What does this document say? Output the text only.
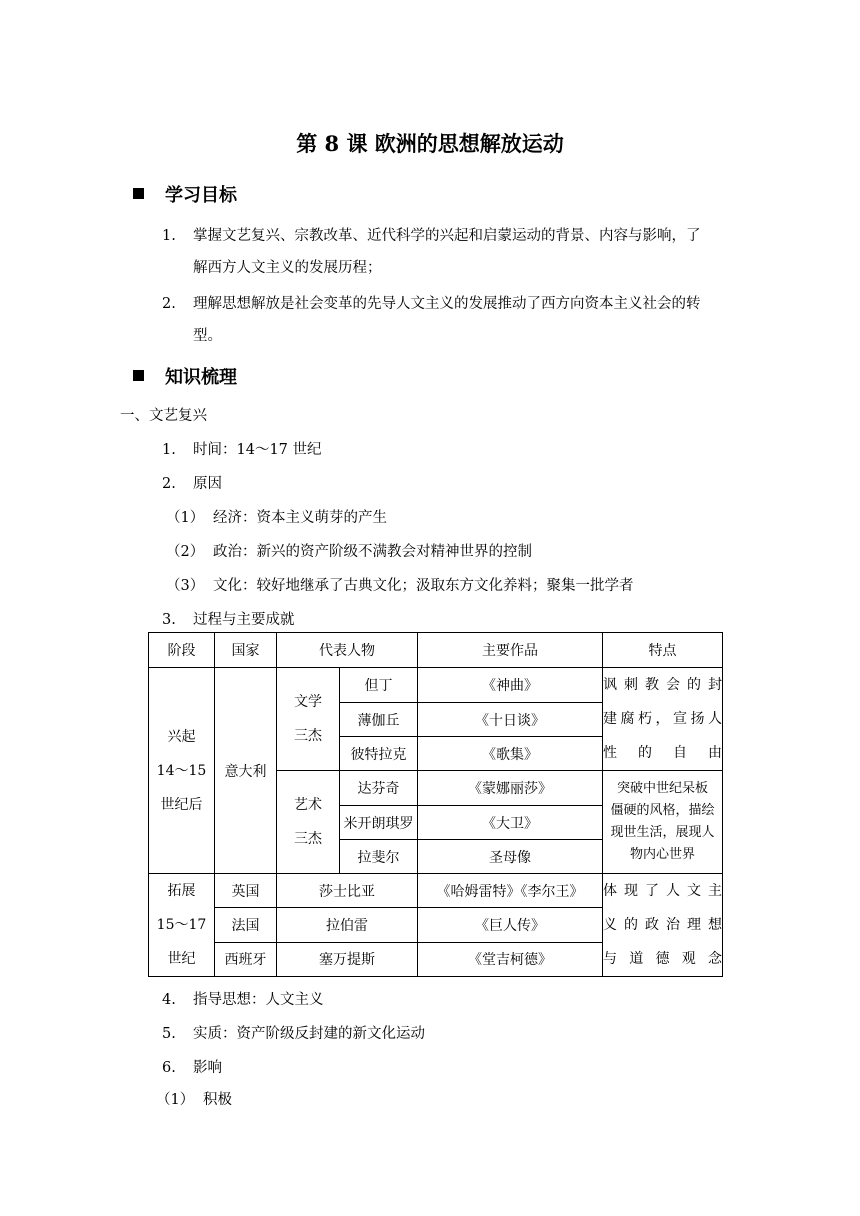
第 8 课 欧洲的思想解放运动
学习目标
1. 掌握文艺复兴、宗教改革、近代科学的兴起和启蒙运动的背景、内容与影响，了
解西方人文主义的发展历程；
2. 理解思想解放是社会变革的先导人文主义的发展推动了西方向资本主义社会的转
型。
知识梳理
一、文艺复兴
1. 时间：14～17 世纪
2. 原因
（1） 经济：资本主义萌芽的产生
（2） 政治：新兴的资产阶级不满教会对精神世界的控制
（3） 文化：较好地继承了古典文化；汲取东方文化养料；聚集一批学者
3. 过程与主要成就
阶段	国家	代表人物		主要作品	特点

兴起
14～15
世纪后	意大利	文学
三杰	但丁	《神曲》	讽刺教会的封
建腐朽，宣扬人
性的自由

			薄伽丘	《十日谈》	
			彼特拉克	《歌集》	

		艺术
三杰	达芬奇	《蒙娜丽莎》	突破中世纪呆板
僵硬的风格，描绘
现世生活，展现人
物内心世界

			米开朗琪罗	《大卫》	
			拉斐尔	圣母像	

拓展
15～17
世纪	英国	莎士比亚		《哈姆雷特》《李尔王》	体现了人文主
义的政治理想
与道德观念

	法国	拉伯雷		《巨人传》	
	西班牙	塞万提斯		《堂吉柯德》	
4. 指导思想：人文主义
5. 实质：资产阶级反封建的新文化运动
6. 影响
（1） 积极
